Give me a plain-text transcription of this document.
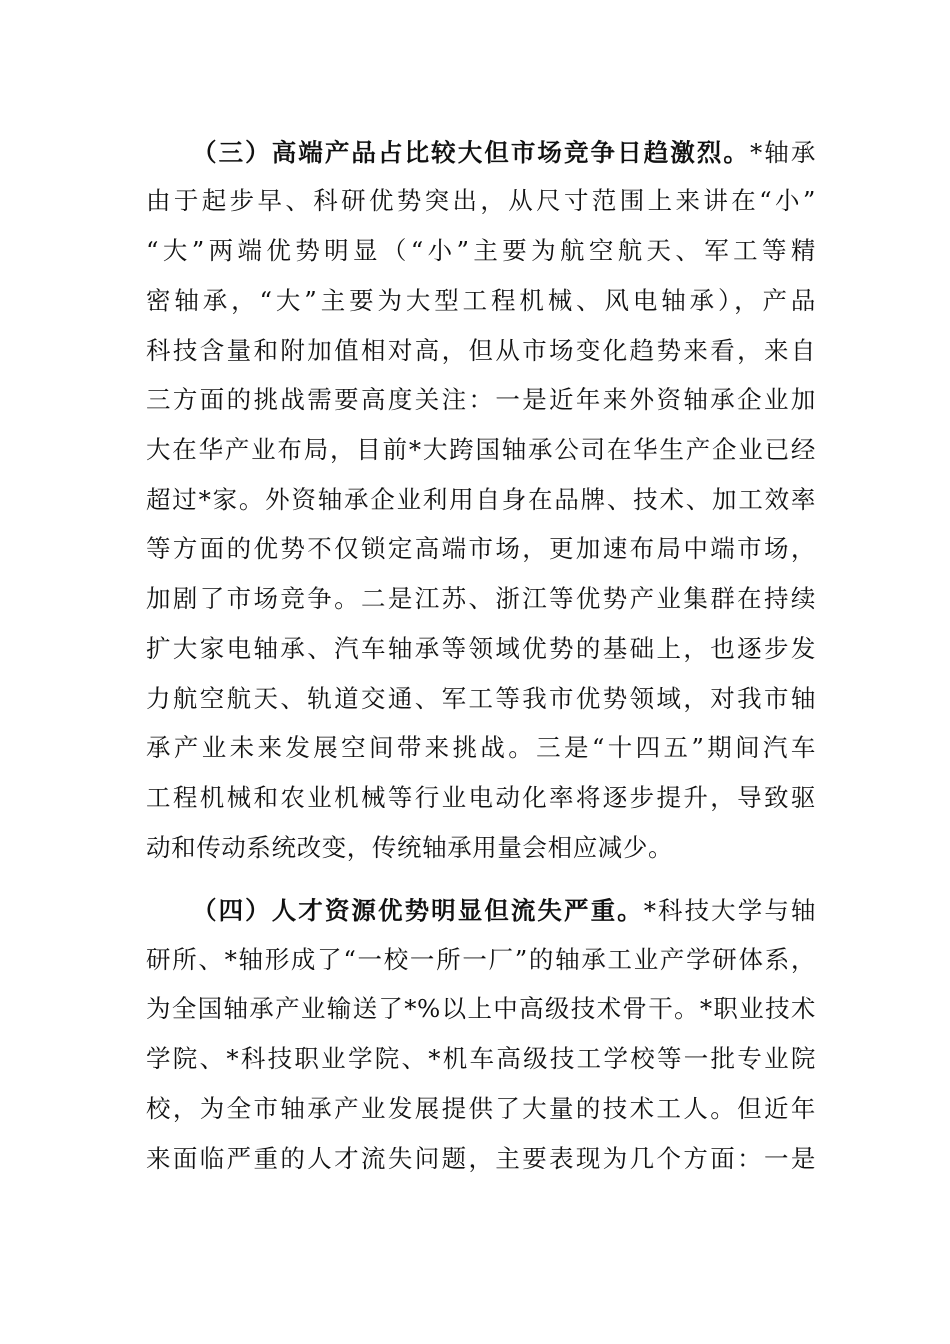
（三）高端产品占比较大但市场竞争日趋激烈。*轴承
由于起步早、科研优势突出，从尺寸范围上来讲在“小”
“大”两端优势明显（“小”主要为航空航天、军工等精
密轴承，“大”主要为大型工程机械、风电轴承），产品
科技含量和附加值相对高，但从市场变化趋势来看，来自
三方面的挑战需要高度关注：一是近年来外资轴承企业加
大在华产业布局，目前*大跨国轴承公司在华生产企业已经
超过*家。外资轴承企业利用自身在品牌、技术、加工效率
等方面的优势不仅锁定高端市场，更加速布局中端市场，
加剧了市场竞争。二是江苏、浙江等优势产业集群在持续
扩大家电轴承、汽车轴承等领域优势的基础上，也逐步发
力航空航天、轨道交通、军工等我市优势领域，对我市轴
承产业未来发展空间带来挑战。三是“十四五”期间汽车
工程机械和农业机械等行业电动化率将逐步提升，导致驱
动和传动系统改变，传统轴承用量会相应减少。
（四）人才资源优势明显但流失严重。*科技大学与轴
研所、*轴形成了“一校一所一厂”的轴承工业产学研体系，
为全国轴承产业输送了*%以上中高级技术骨干。*职业技术
学院、*科技职业学院、*机车高级技工学校等一批专业院
校，为全市轴承产业发展提供了大量的技术工人。但近年
来面临严重的人才流失问题，主要表现为几个方面：一是
